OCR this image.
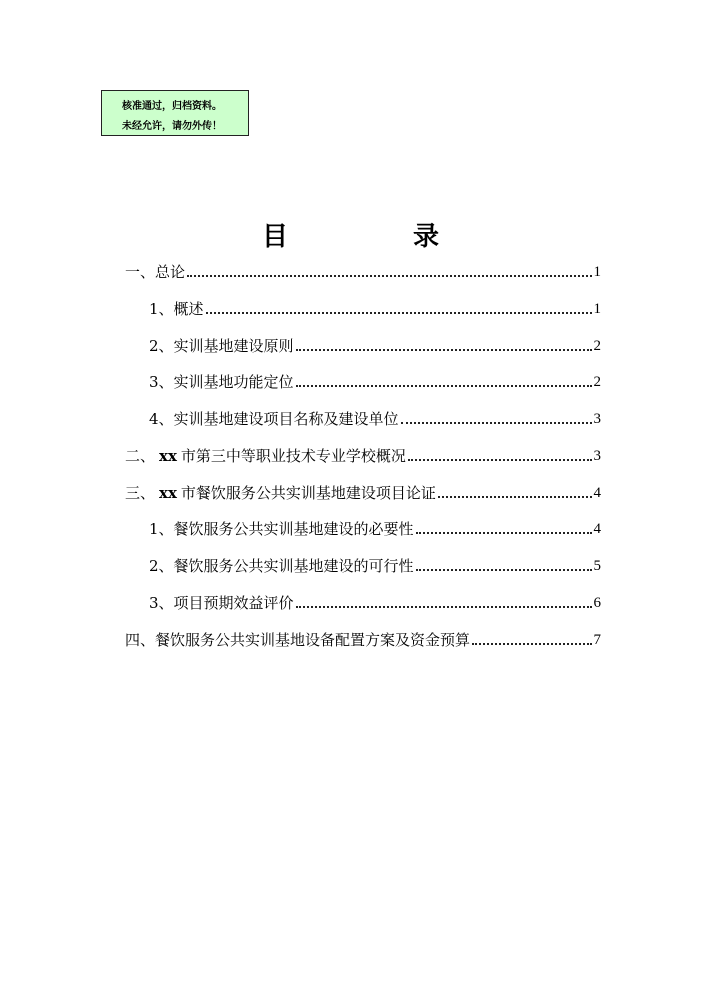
核准通过，归档资料。
未经允许，请勿外传！
目	录
一、总论	1
1、概述	1
2、实训基地建设原则	2
3、实训基地功能定位	2
4、实训基地建设项目名称及建设单位	3
二、 xx 市第三中等职业技术专业学校概况	3
三、 xx 市餐饮服务公共实训基地建设项目论证	4
1、餐饮服务公共实训基地建设的必要性	4
2、餐饮服务公共实训基地建设的可行性	5
3、项目预期效益评价	6
四、餐饮服务公共实训基地设备配置方案及资金预算	7
